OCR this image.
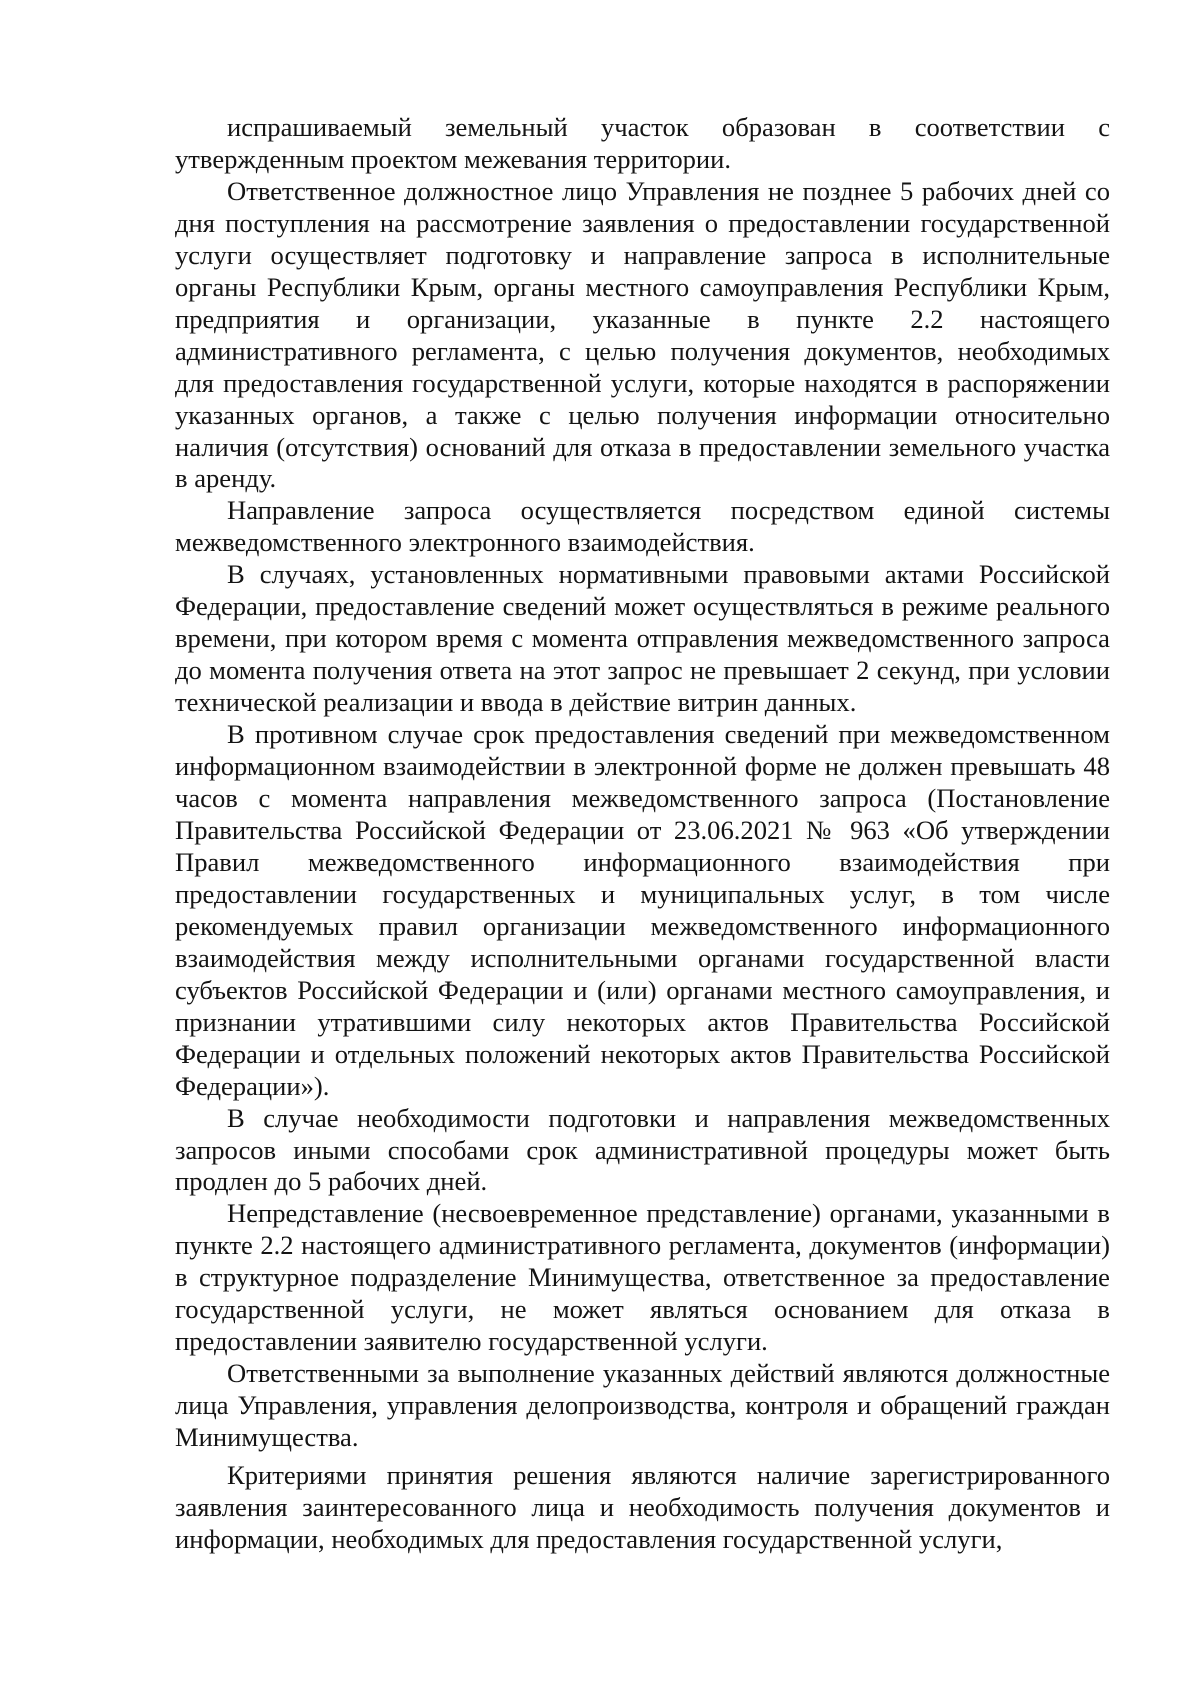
испрашиваемый земельный участок образован в соответствии с утвержденным проектом межевания территории.

Ответственное должностное лицо Управления не позднее 5 рабочих дней со дня поступления на рассмотрение заявления о предоставлении государственной услуги осуществляет подготовку и направление запроса в исполнительные органы Республики Крым, органы местного самоуправления Республики Крым, предприятия и организации, указанные в пункте 2.2 настоящего административного регламента, с целью получения документов, необходимых для предоставления государственной услуги, которые находятся в распоряжении указанных органов, а также с целью получения информации относительно наличия (отсутствия) оснований для отказа в предоставлении земельного участка в аренду.

Направление запроса осуществляется посредством единой системы межведомственного электронного взаимодействия.

В случаях, установленных нормативными правовыми актами Российской Федерации, предоставление сведений может осуществляться в режиме реального времени, при котором время с момента отправления межведомственного запроса до момента получения ответа на этот запрос не превышает 2 секунд, при условии технической реализации и ввода в действие витрин данных.

В противном случае срок предоставления сведений при межведомственном информационном взаимодействии в электронной форме не должен превышать 48 часов с момента направления межведомственного запроса (Постановление Правительства Российской Федерации от 23.06.2021 № 963 «Об утверждении Правил межведомственного информационного взаимодействия при предоставлении государственных и муниципальных услуг, в том числе рекомендуемых правил организации межведомственного информационного взаимодействия между исполнительными органами государственной власти субъектов Российской Федерации и (или) органами местного самоуправления, и признании утратившими силу некоторых актов Правительства Российской Федерации и отдельных положений некоторых актов Правительства Российской Федерации»).

В случае необходимости подготовки и направления межведомственных запросов иными способами срок административной процедуры может быть продлен до 5 рабочих дней.

Непредставление (несвоевременное представление) органами, указанными в пункте 2.2 настоящего административного регламента, документов (информации) в структурное подразделение Минимущества, ответственное за предоставление государственной услуги, не может являться основанием для отказа в предоставлении заявителю государственной услуги.

Ответственными за выполнение указанных действий являются должностные лица Управления, управления делопроизводства, контроля и обращений граждан Минимущества.

Критериями принятия решения являются наличие зарегистрированного заявления заинтересованного лица и необходимость получения документов и информации, необходимых для предоставления государственной услуги,
